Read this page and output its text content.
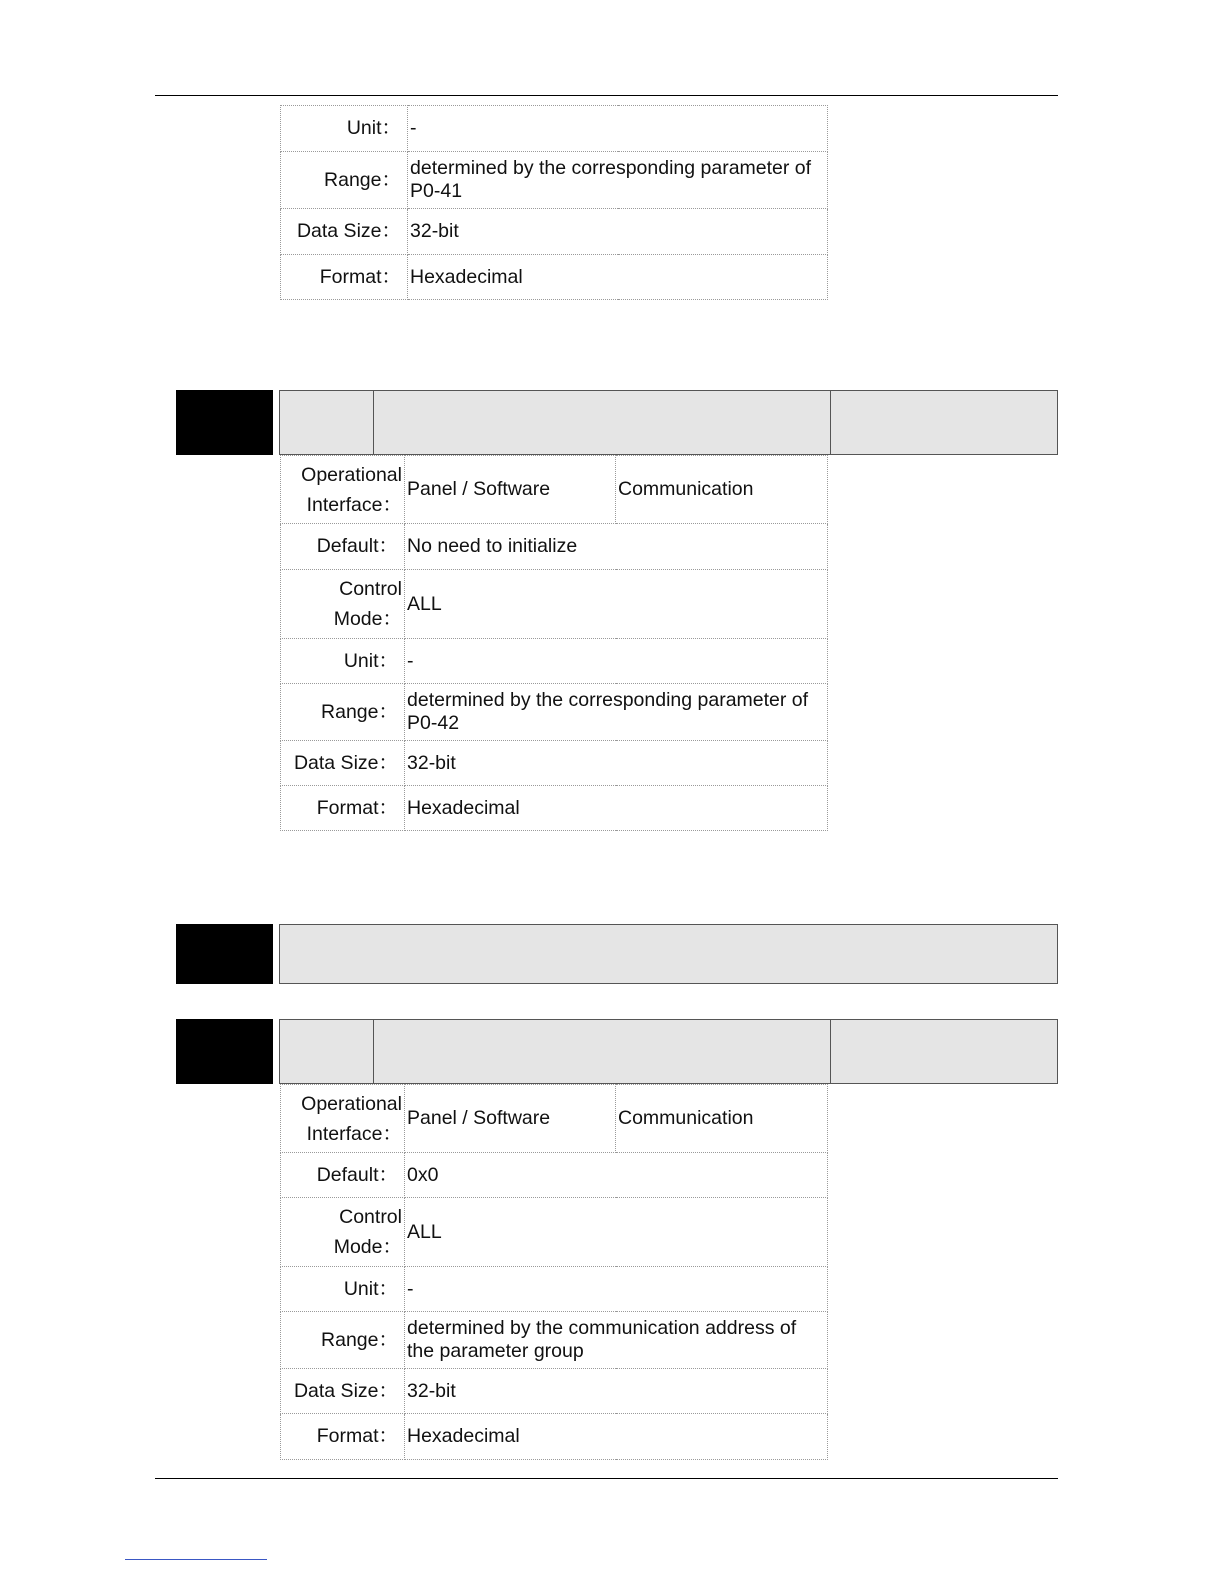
Unit：	-
Range：	determined by the corresponding parameter of P0-41
Data Size：	32-bit
Format：	Hexadecimal
Operational
Interface：	Panel / Software	Communication
Default：	No need to initialize	
Control
Mode：	ALL	
Unit：	-	
Range：	determined by the corresponding parameter of P0-42	
Data Size：	32-bit	
Format：	Hexadecimal	
Operational
Interface：	Panel / Software	Communication
Default：	0x0	
Control
Mode：	ALL	
Unit：	-	
Range：	determined by the communication address of the parameter group	
Data Size：	32-bit	
Format：	Hexadecimal	
